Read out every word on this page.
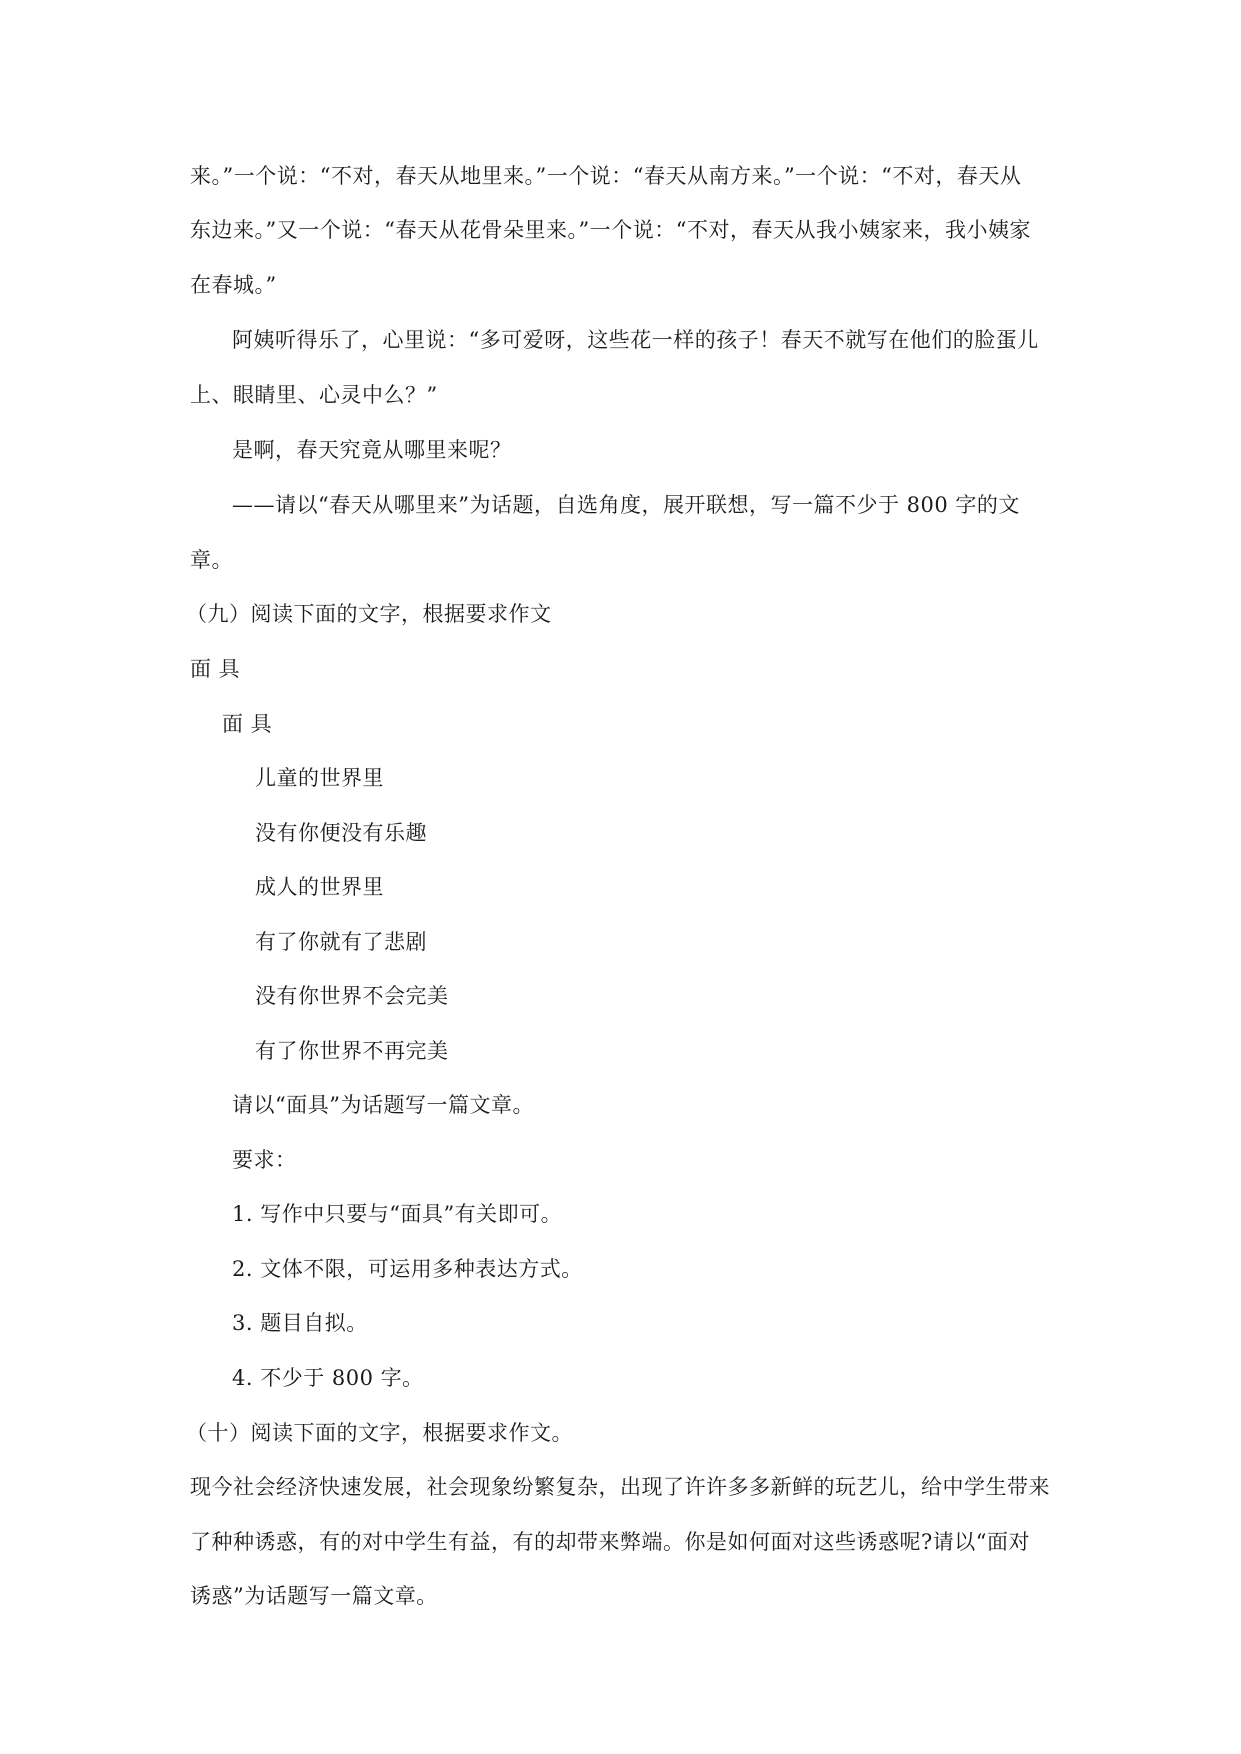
来。”一个说：“不对，春天从地里来。”一个说：“春天从南方来。”一个说：“不对，春天从
东边来。”又一个说：“春天从花骨朵里来。”一个说：“不对，春天从我小姨家来，我小姨家
在春城。”
阿姨听得乐了，心里说：“多可爱呀，这些花一样的孩子！春天不就写在他们的脸蛋儿
上、眼睛里、心灵中么？”
是啊，春天究竟从哪里来呢？
——请以“春天从哪里来”为话题，自选角度，展开联想，写一篇不少于 800 字的文
章。
（九）阅读下面的文字，根据要求作文
面 具
面 具
儿童的世界里
没有你便没有乐趣
成人的世界里
有了你就有了悲剧
没有你世界不会完美
有了你世界不再完美
请以“面具”为话题写一篇文章。
要求：
1. 写作中只要与“面具”有关即可。
2. 文体不限，可运用多种表达方式。
3. 题目自拟。
4. 不少于 800 字。
（十）阅读下面的文字，根据要求作文。
现今社会经济快速发展，社会现象纷繁复杂，出现了许许多多新鲜的玩艺儿，给中学生带来
了种种诱惑，有的对中学生有益，有的却带来弊端。你是如何面对这些诱惑呢?请以“面对
诱惑”为话题写一篇文章。
